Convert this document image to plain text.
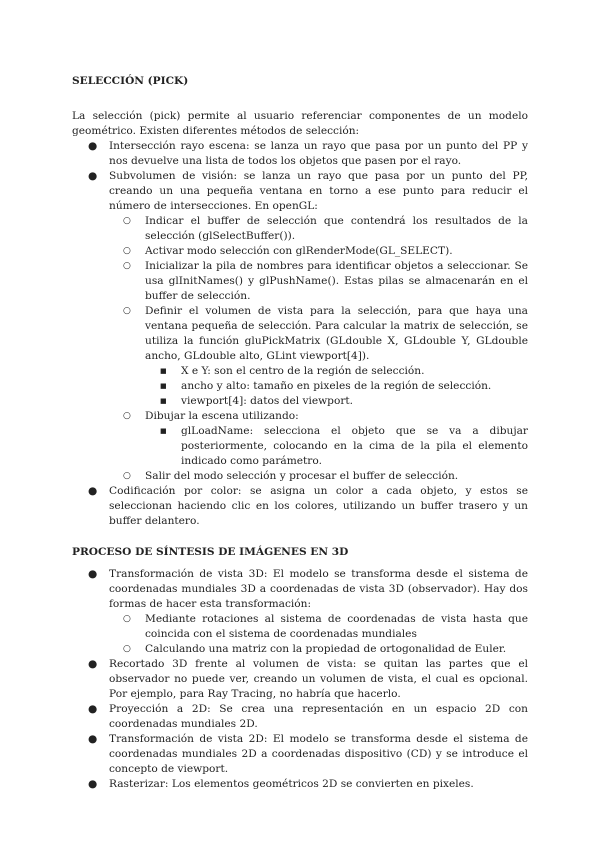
SELECCIÓN (PICK)

La selección (pick) permite al usuario referenciar componentes de un modelo geométrico. Existen diferentes métodos de selección:

● Intersección rayo escena: se lanza un rayo que pasa por un punto del PP y nos devuelve una lista de todos los objetos que pasen por el rayo.
● Subvolumen de visión: se lanza un rayo que pasa por un punto del PP, creando un una pequeña ventana en torno a ese punto para reducir el número de intersecciones. En openGL:
○ Indicar el buffer de selección que contendrá los resultados de la selección (glSelectBuffer()).
○ Activar modo selección con glRenderMode(GL_SELECT).
○ Inicializar la pila de nombres para identificar objetos a seleccionar. Se usa glInitNames() y glPushName(). Estas pilas se almacenarán en el buffer de selección.
○ Definir el volumen de vista para la selección, para que haya una ventana pequeña de selección. Para calcular la matrix de selección, se utiliza la función gluPickMatrix (GLdouble X, GLdouble Y, GLdouble ancho, GLdouble alto, GLint viewport[4]).
■ X e Y: son el centro de la región de selección.
■ ancho y alto: tamaño en pixeles de la región de selección.
■ viewport[4]: datos del viewport.
○ Dibujar la escena utilizando:
■ glLoadName: selecciona el objeto que se va a dibujar posteriormente, colocando en la cima de la pila el elemento indicado como parámetro.
○ Salir del modo selección y procesar el buffer de selección.
● Codificación por color: se asigna un color a cada objeto, y estos se seleccionan haciendo clic en los colores, utilizando un buffer trasero y un buffer delantero.
PROCESO DE SÍNTESIS DE IMÁGENES EN 3D
● Transformación de vista 3D: El modelo se transforma desde el sistema de coordenadas mundiales 3D a coordenadas de vista 3D (observador). Hay dos formas de hacer esta transformación:
○ Mediante rotaciones al sistema de coordenadas de vista hasta que coincida con el sistema de coordenadas mundiales
○ Calculando una matriz con la propiedad de ortogonalidad de Euler.
● Recortado 3D frente al volumen de vista: se quitan las partes que el observador no puede ver, creando un volumen de vista, el cual es opcional. Por ejemplo, para Ray Tracing, no habría que hacerlo.
● Proyección a 2D: Se crea una representación en un espacio 2D con coordenadas mundiales 2D.
● Transformación de vista 2D: El modelo se transforma desde el sistema de coordenadas mundiales 2D a coordenadas dispositivo (CD) y se introduce el concepto de viewport.
● Rasterizar: Los elementos geométricos 2D se convierten en pixeles.
